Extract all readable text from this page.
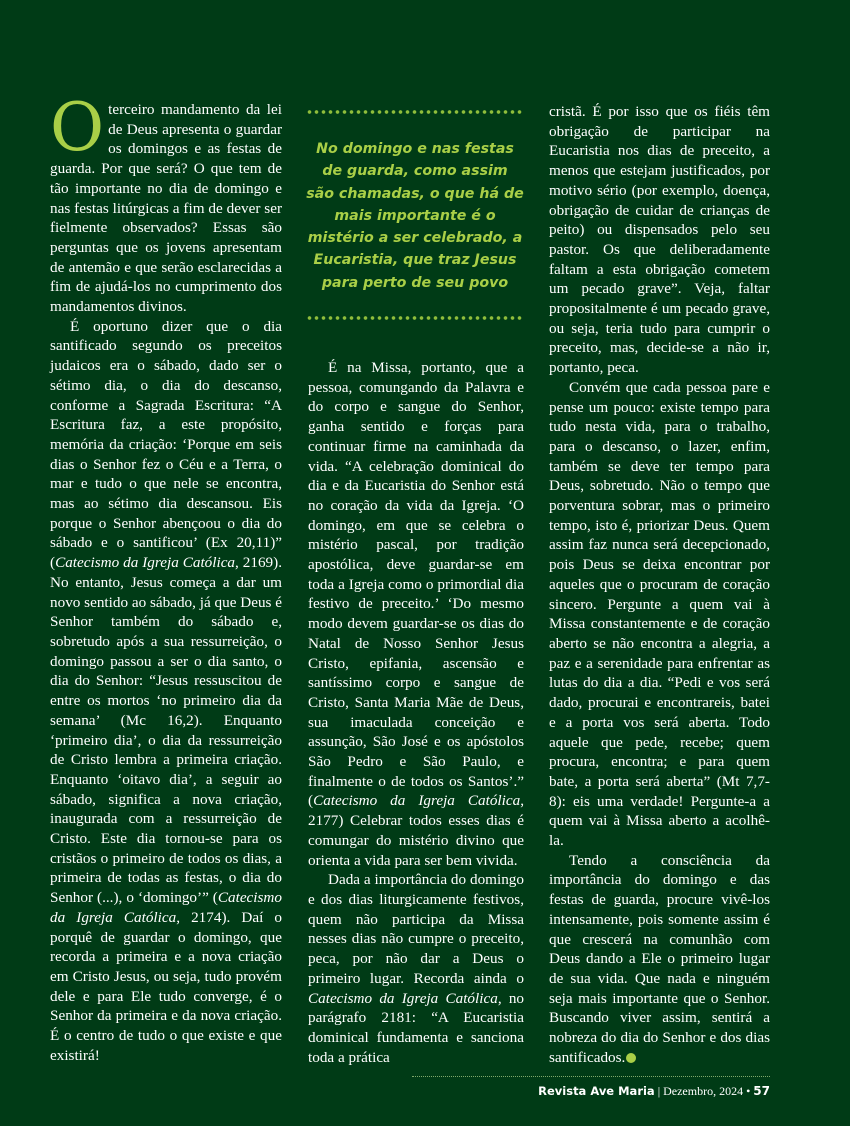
O terceiro mandamento da lei de Deus apresenta o guardar os domingos e as festas de guarda. Por que será? O que tem de tão importante no dia de domingo e nas festas litúrgicas a fim de dever ser fielmente observados? Essas são perguntas que os jovens apresentam de antemão e que serão esclarecidas a fim de ajudá-los no cumprimento dos mandamentos divinos.

É oportuno dizer que o dia santificado segundo os preceitos judaicos era o sábado, dado ser o sétimo dia, o dia do descanso, conforme a Sagrada Escritura: “A Escritura faz, a este propósito, memória da criação: ‘Porque em seis dias o Senhor fez o Céu e a Terra, o mar e tudo o que nele se encontra, mas ao sétimo dia descansou. Eis porque o Senhor abençoou o dia do sábado e o santificou’ (Ex 20,11)” (Catecismo da Igreja Católica, 2169). No entanto, Jesus começa a dar um novo sentido ao sábado, já que Deus é Senhor também do sábado e, sobretudo após a sua ressurreição, o domingo passou a ser o dia santo, o dia do Senhor: “Jesus ressuscitou de entre os mortos ‘no primeiro dia da semana’ (Mc 16,2). Enquanto ‘primeiro dia’, o dia da ressurreição de Cristo lembra a primeira criação. Enquanto ‘oitavo dia’, a seguir ao sábado, significa a nova criação, inaugurada com a ressurreição de Cristo. Este dia tornou-se para os cristãos o primeiro de todos os dias, a primeira de todas as festas, o dia do Senhor (...), o ‘domingo’” (Catecismo da Igreja Católica, 2174). Daí o porquê de guardar o domingo, que recorda a primeira e a nova criação em Cristo Jesus, ou seja, tudo provém dele e para Ele tudo converge, é o Senhor da primeira e da nova criação. É o centro de tudo o que existe e que existirá!

No domingo e nas festas de guarda, como assim são chamadas, o que há de mais importante é o mistério a ser celebrado, a Eucaristia, que traz Jesus para perto de seu povo

É na Missa, portanto, que a pessoa, comungando da Palavra e do corpo e sangue do Senhor, ganha sentido e forças para continuar firme na caminhada da vida. “A celebração dominical do dia e da Eucaristia do Senhor está no coração da vida da Igreja. ‘O domingo, em que se celebra o mistério pascal, por tradição apostólica, deve guardar-se em toda a Igreja como o primordial dia festivo de preceito.’ ‘Do mesmo modo devem guardar-se os dias do Natal de Nosso Senhor Jesus Cristo, epifania, ascensão e santíssimo corpo e sangue de Cristo, Santa Maria Mãe de Deus, sua imaculada conceição e assunção, São José e os apóstolos São Pedro e São Paulo, e finalmente o de todos os Santos’.” (Catecismo da Igreja Católica, 2177) Celebrar todos esses dias é comungar do mistério divino que orienta a vida para ser bem vivida.

Dada a importância do domingo e dos dias liturgicamente festivos, quem não participa da Missa nesses dias não cumpre o preceito, peca, por não dar a Deus o primeiro lugar. Recorda ainda o Catecismo da Igreja Católica, no parágrafo 2181: “A Eucaristia dominical fundamenta e sanciona toda a prática

cristã. É por isso que os fiéis têm obrigação de participar na Eucaristia nos dias de preceito, a menos que estejam justificados, por motivo sério (por exemplo, doença, obrigação de cuidar de crianças de peito) ou dispensados pelo seu pastor. Os que deliberadamente faltam a esta obrigação cometem um pecado grave”. Veja, faltar propositalmente é um pecado grave, ou seja, teria tudo para cumprir o preceito, mas, decide-se a não ir, portanto, peca.

Convém que cada pessoa pare e pense um pouco: existe tempo para tudo nesta vida, para o trabalho, para o descanso, o lazer, enfim, também se deve ter tempo para Deus, sobretudo. Não o tempo que porventura sobrar, mas o primeiro tempo, isto é, priorizar Deus. Quem assim faz nunca será decepcionado, pois Deus se deixa encontrar por aqueles que o procuram de coração sincero. Pergunte a quem vai à Missa constantemente e de coração aberto se não encontra a alegria, a paz e a serenidade para enfrentar as lutas do dia a dia. “Pedi e vos será dado, procurai e encontrareis, batei e a porta vos será aberta. Todo aquele que pede, recebe; quem procura, encontra; e para quem bate, a porta será aberta” (Mt 7,7-8): eis uma verdade! Pergunte-a a quem vai à Missa aberto a acolhê-la.

Tendo a consciência da importância do domingo e das festas de guarda, procure vivê-los intensamente, pois somente assim é que crescerá na comunhão com Deus dando a Ele o primeiro lugar de sua vida. Que nada e ninguém seja mais importante que o Senhor. Buscando viver assim, sentirá a nobreza do dia do Senhor e dos dias santificados.

Revista Ave Maria | Dezembro, 2024 • 57
